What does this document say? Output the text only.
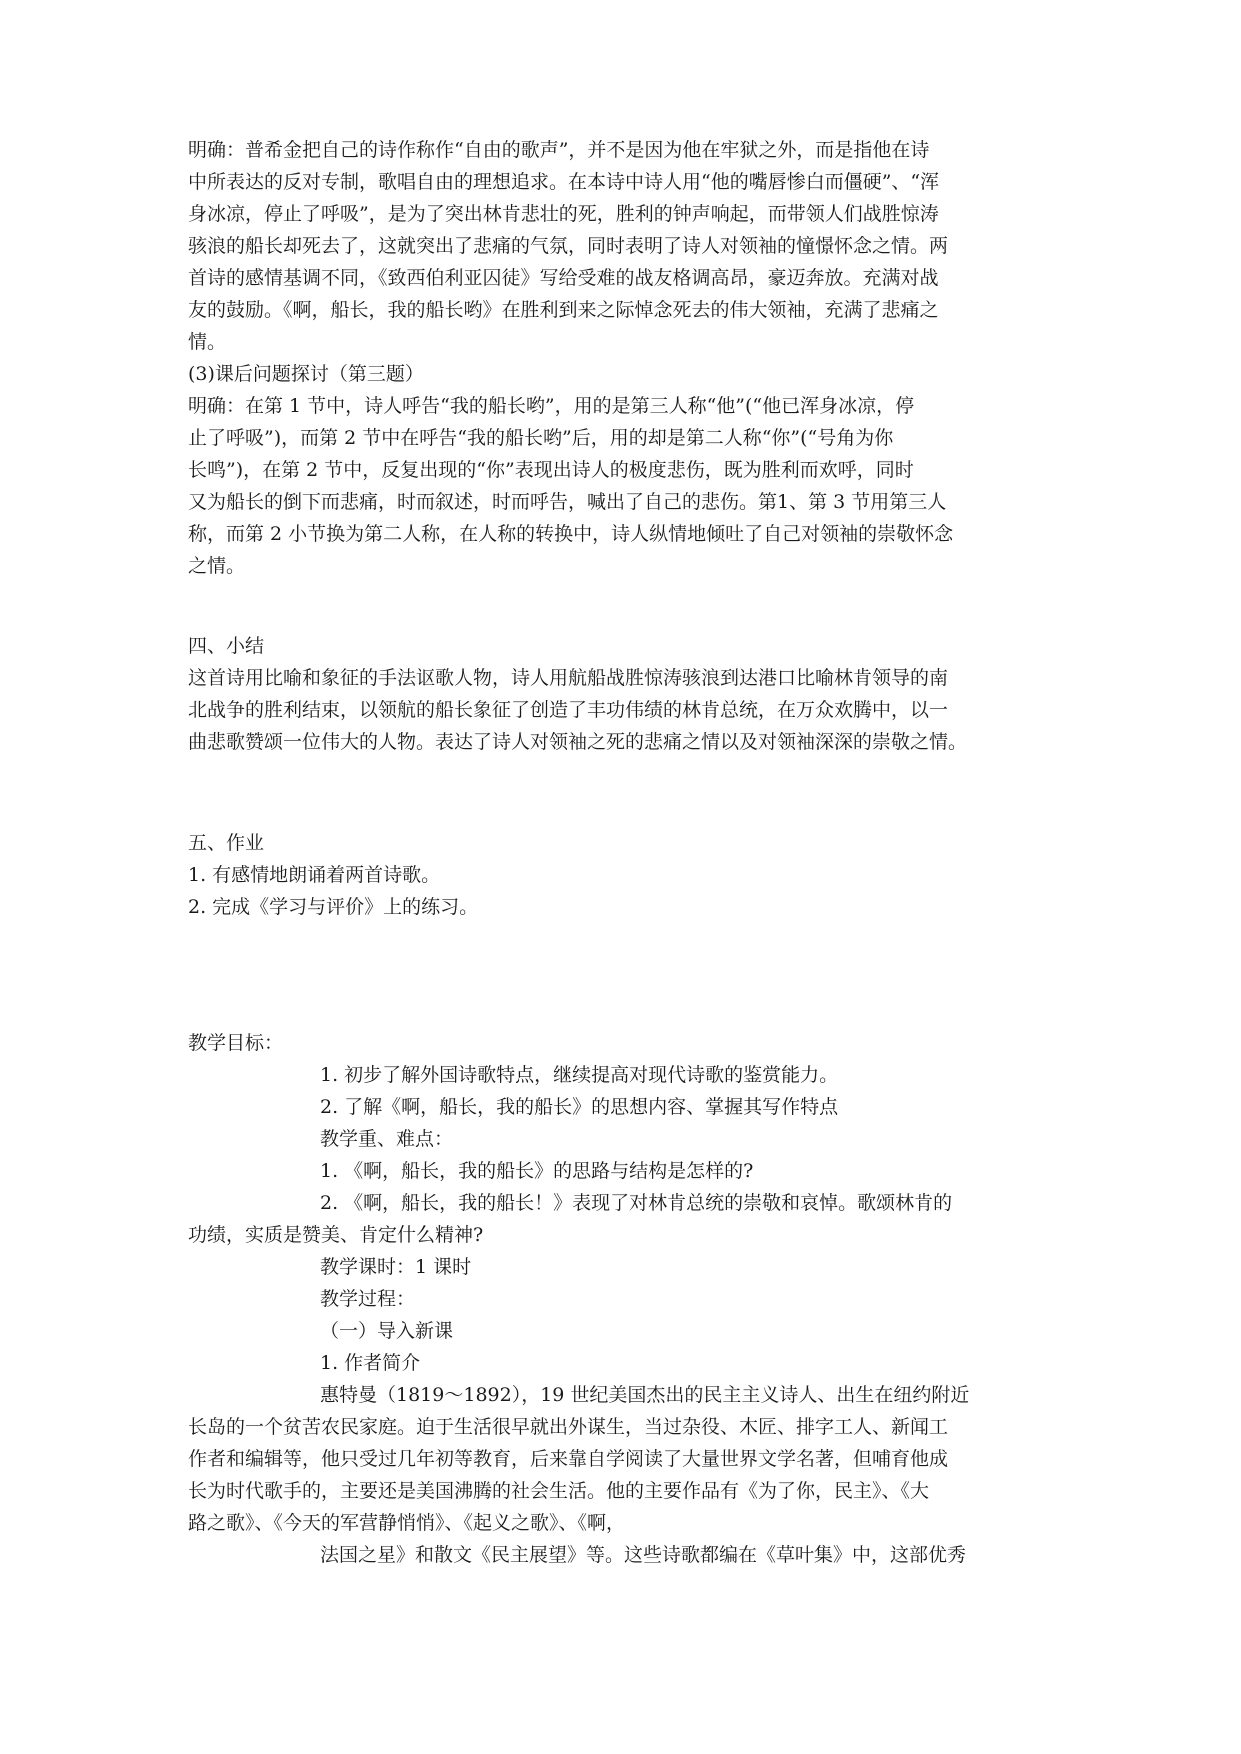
明确：普希金把自己的诗作称作“自由的歌声”，并不是因为他在牢狱之外，而是指他在诗
中所表达的反对专制，歌唱自由的理想追求。在本诗中诗人用“他的嘴唇惨白而僵硬”、“浑
身冰凉，停止了呼吸”，是为了突出林肯悲壮的死，胜利的钟声响起，而带领人们战胜惊涛
骇浪的船长却死去了，这就突出了悲痛的气氛，同时表明了诗人对领袖的憧憬怀念之情。两
首诗的感情基调不同，《致西伯利亚囚徒》写给受难的战友格调高昂，豪迈奔放。充满对战
友的鼓励。《啊，船长，我的船长哟》在胜利到来之际悼念死去的伟大领袖，充满了悲痛之
情。
(3)课后问题探讨（第三题）
明确：在第 1 节中，诗人呼告“我的船长哟”，用的是第三人称“他”(“他已浑身冰凉，停
止了呼吸”)，而第 2 节中在呼告“我的船长哟”后，用的却是第二人称“你”(“号角为你
长鸣”)，在第 2 节中，反复出现的“你”表现出诗人的极度悲伤，既为胜利而欢呼，同时
又为船长的倒下而悲痛，时而叙述，时而呼告，喊出了自己的悲伤。第1、第 3 节用第三人
称，而第 2 小节换为第二人称，在人称的转换中，诗人纵情地倾吐了自己对领袖的崇敬怀念
之情。
四、小结
这首诗用比喻和象征的手法讴歌人物，诗人用航船战胜惊涛骇浪到达港口比喻林肯领导的南
北战争的胜利结束，以领航的船长象征了创造了丰功伟绩的林肯总统，在万众欢腾中，以一
曲悲歌赞颂一位伟大的人物。表达了诗人对领袖之死的悲痛之情以及对领袖深深的崇敬之情。
五、作业
1. 有感情地朗诵着两首诗歌。
2. 完成《学习与评价》上的练习。
教学目标：
1. 初步了解外国诗歌特点，继续提高对现代诗歌的鉴赏能力。
2. 了解《啊，船长，我的船长》的思想内容、掌握其写作特点
教学重、难点：
1. 《啊，船长，我的船长》的思路与结构是怎样的?
2. 《啊，船长，我的船长！》表现了对林肯总统的崇敬和哀悼。歌颂林肯的
功绩，实质是赞美、肯定什么精神?
教学课时：1 课时
教学过程：
（一）导入新课
1. 作者简介
惠特曼（1819～1892），19 世纪美国杰出的民主主义诗人、出生在纽约附近
长岛的一个贫苦农民家庭。迫于生活很早就出外谋生，当过杂役、木匠、排字工人、新闻工
作者和编辑等，他只受过几年初等教育，后来靠自学阅读了大量世界文学名著，但哺育他成
长为时代歌手的，主要还是美国沸腾的社会生活。他的主要作品有《为了你，民主》、《大
路之歌》、《今天的军营静悄悄》、《起义之歌》、《啊，
法国之星》和散文《民主展望》等。这些诗歌都编在《草叶集》中，这部优秀
